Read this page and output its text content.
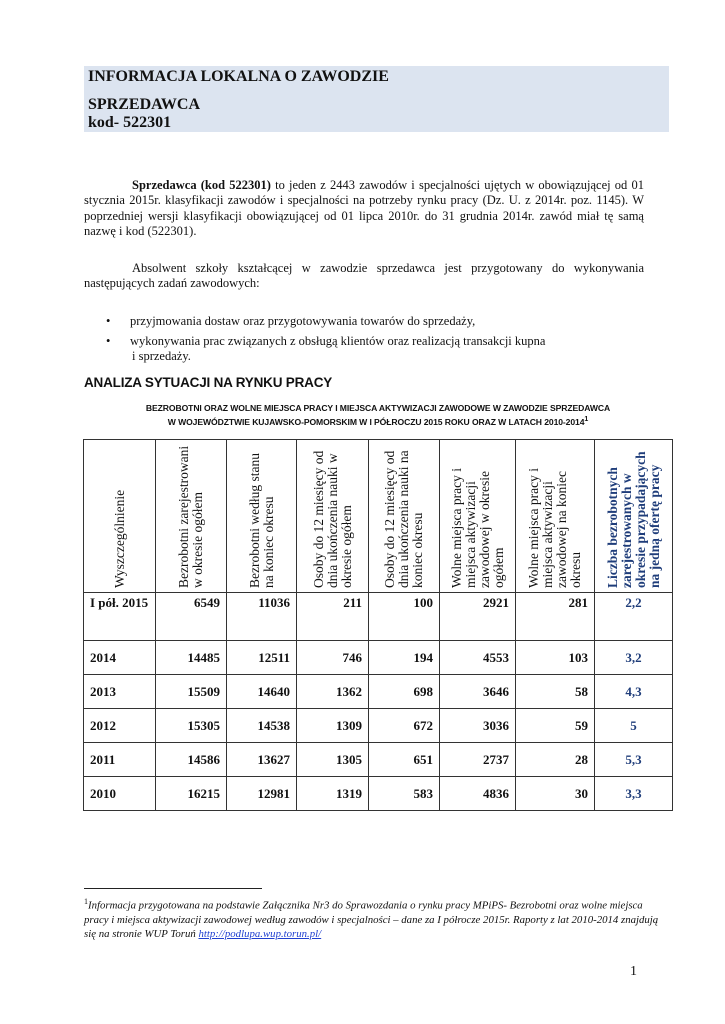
INFORMACJA LOKALNA O ZAWODZIE
SPRZEDAWCA
kod- 522301
Sprzedawca (kod 522301) to jeden z 2443 zawodów i specjalności ujętych w obowiązującej od 01 stycznia 2015r. klasyfikacji zawodów i specjalności na potrzeby rynku pracy (Dz. U. z 2014r. poz. 1145). W poprzedniej wersji klasyfikacji obowiązującej od 01 lipca 2010r. do 31 grudnia 2014r. zawód miał tę samą nazwę i kod (522301).
Absolwent szkoły kształcącej w zawodzie sprzedawca jest przygotowany do wykonywania następujących zadań zawodowych:
• przyjmowania dostaw oraz przygotowywania towarów do sprzedaży,
• wykonywania prac związanych z obsługą klientów oraz realizacją transakcji kupna
i sprzedaży.
ANALIZA SYTUACJI NA RYNKU PRACY
BEZROBOTNI ORAZ WOLNE MIEJSCA PRACY I MIEJSCA AKTYWIZACJI ZAWODOWE W ZAWODZIE SPRZEDAWCA
W WOJEWÓDZTWIE KUJAWSKO-POMORSKIM W I PÓŁROCZU 2015 ROKU ORAZ W LATACH 2010-2014$^1$
Wyszczególnienie	Bezrobotni zarejestrowani w okresie ogółem	Bezrobotni według stanu na koniec okresu	Osoby do 12 miesięcy od dnia ukończenia nauki w okresie ogółem	Osoby do 12 miesięcy od dnia ukończenia nauki na koniec okresu	Wolne miejsca pracy i miejsca aktywizacji zawodowej w okresie ogółem	Wolne miejsca pracy i miejsca aktywizacji zawodowej na koniec okresu	Liczba bezrobotnych zarejestrowanych w okresie przypadających na jedną ofertę pracy
I pół. 2015	6549	11036	211	100	2921	281	2,2
2014	14485	12511	746	194	4553	103	3,2
2013	15509	14640	1362	698	3646	58	4,3
2012	15305	14538	1309	672	3036	59	5
2011	14586	13627	1305	651	2737	28	5,3
2010	16215	12981	1319	583	4836	30	3,3
$^1$Informacja przygotowana na podstawie Załącznika Nr3 do Sprawozdania o rynku pracy MPiPS- Bezrobotni oraz wolne miejsca pracy i miejsca aktywizacji zawodowej według zawodów i specjalności – dane za I półrocze 2015r. Raporty z lat 2010-2014 znajdują się na stronie WUP Toruń http://podlupa.wup.torun.pl/
1
